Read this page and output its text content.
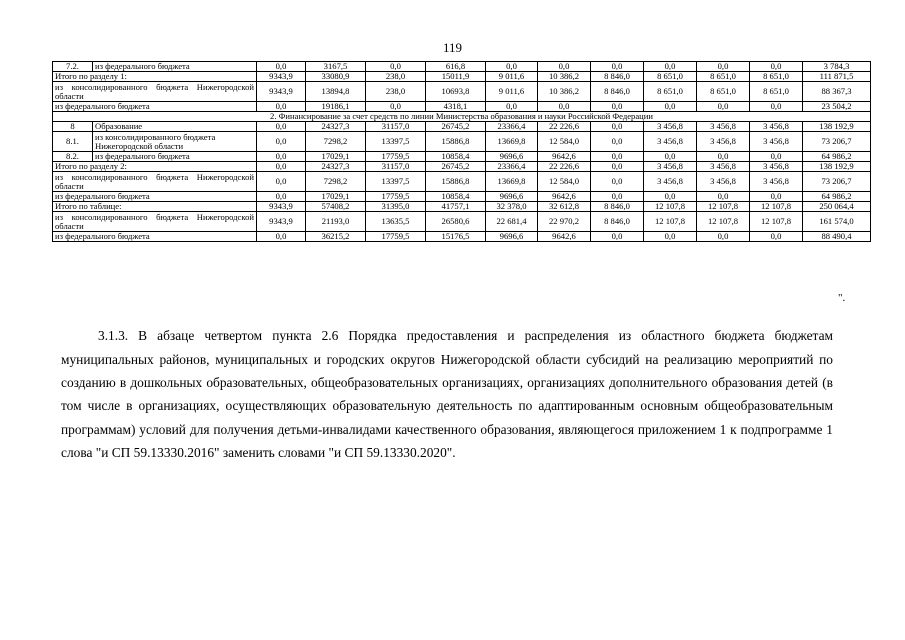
119
7.2.	из федерального бюджета	0,0	3167,5	0,0	616,8	0,0	0,0	0,0	0,0	0,0	0,0	3 784,3
Итого по разделу 1:		9343,9	33080,9	238,0	15011,9	9 011,6	10 386,2	8 846,0	8 651,0	8 651,0	8 651,0	111 871,5
из консолидированного бюджета Нижегородской области		9343,9	13894,8	238,0	10693,8	9 011,6	10 386,2	8 846,0	8 651,0	8 651,0	8 651,0	88 367,3
из федерального бюджета		0,0	19186,1	0,0	4318,1	0,0	0,0	0,0	0,0	0,0	0,0	23 504,2
2. Финансирование за счет средств по линии Министерства образования и науки Российской Федерации												
8	Образование	0,0	24327,3	31157,0	26745,2	23366,4	22 226,6	0,0	3 456,8	3 456,8	3 456,8	138 192,9
8.1.	из консолидированного бюджета Нижегородской области	0,0	7298,2	13397,5	15886,8	13669,8	12 584,0	0,0	3 456,8	3 456,8	3 456,8	73 206,7
8.2.	из федерального бюджета	0,0	17029,1	17759,5	10858,4	9696,6	9642,6	0,0	0,0	0,0	0,0	64 986,2
Итого по разделу 2:		0,0	24327,3	31157,0	26745,2	23366,4	22 226,6	0,0	3 456,8	3 456,8	3 456,8	138 192,9
из консолидированного бюджета Нижегородской области		0,0	7298,2	13397,5	15886,8	13669,8	12 584,0	0,0	3 456,8	3 456,8	3 456,8	73 206,7
из федерального бюджета		0,0	17029,1	17759,5	10858,4	9696,6	9642,6	0,0	0,0	0,0	0,0	64 986,2
Итого по таблице:		9343,9	57408,2	31395,0	41757,1	32 378,0	32 612,8	8 846,0	12 107,8	12 107,8	12 107,8	250 064,4
из консолидированного бюджета Нижегородской области		9343,9	21193,0	13635,5	26580,6	22 681,4	22 970,2	8 846,0	12 107,8	12 107,8	12 107,8	161 574,0
из федерального бюджета		0,0	36215,2	17759,5	15176,5	9696,6	9642,6	0,0	0,0	0,0	0,0	88 490,4
".

3.1.3. В абзаце четвертом пункта 2.6 Порядка предоставления и распределения из областного бюджета бюджетам муниципальных районов, муниципальных и городских округов Нижегородской области субсидий на реализацию мероприятий по созданию в дошкольных образовательных, общеобразовательных организациях, организациях дополнительного образования детей (в том числе в организациях, осуществляющих образовательную деятельность по адаптированным основным общеобразовательным программам) условий для получения детьми-инвалидами качественного образования, являющегося приложением 1 к подпрограмме 1 слова "и СП 59.13330.2016" заменить словами "и СП 59.13330.2020".
